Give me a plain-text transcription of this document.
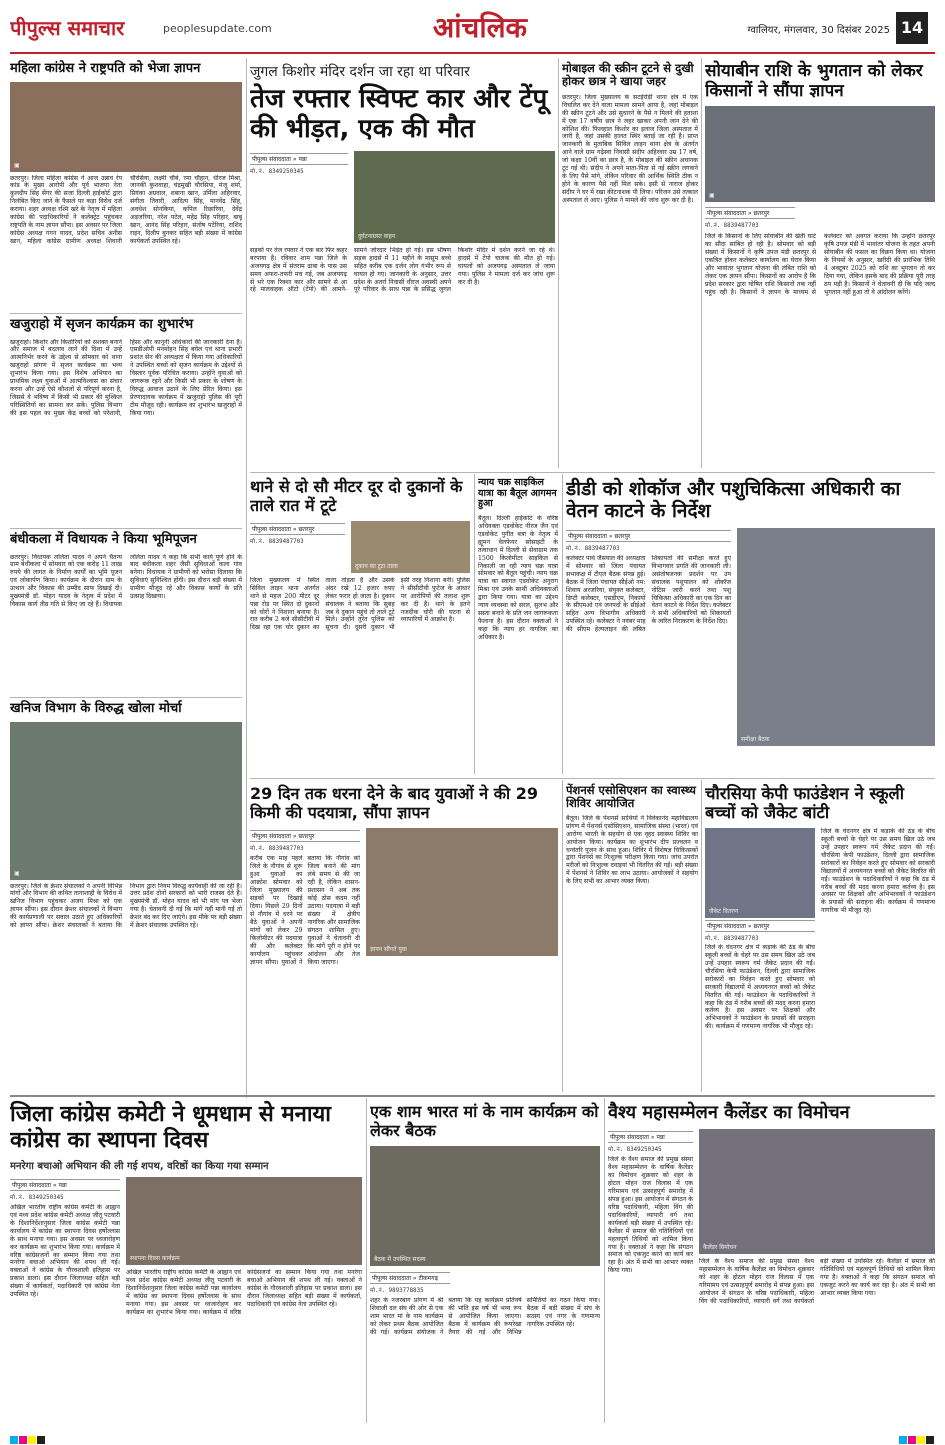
पीपुल्स समाचार	peoplesupdate.com	आंचलिक	ग्वालियर, मंगलवार, 30 दिसंबर 2025 14
महिला कांग्रेस ने राष्ट्रपति को भेजा ज्ञापन
▣
छतरपुर। जिला महिला कांग्रेस ने आज उन्नाव रेप कांड के मुख्य आरोपी और पूर्व भाजपा नेता कुलदीप सिंह सेंगर की सजा दिल्ली हाईकोर्ट द्वारा निलंबित किए जाने के फैसले पर कड़ा विरोध दर्ज कराया। शहर अध्यक्ष रश्मि खरे के नेतृत्व में महिला कांग्रेस की पदाधिकारियों ने कलेक्ट्रेट पहुंचकर राष्ट्रपति के नाम ज्ञापन सौंपा। इस अवसर पर जिला कांग्रेस अध्यक्ष गगन यादव, प्रदेश सचिव अनीस खान, महिला कांग्रेस ग्रामीण अध्यक्ष शिवानी चौरसिया, लक्ष्मी चौबे, रमा चौहान, धीरज मिश्रा, जानकी कुशवाहा, चंद्रमुखी चौरसिया, मंजू शर्मा, प्रियंका अग्रवाल, शबाना खान, उर्मिला अहिरवार, संगीता तिवारी, आदित्य सिंह, मानवेंद्र सिंह, अवधेश सोनकिया, कपिल रिछारिया, देवेंद्र अड़जरिया, नरेश पटेल, महेंद्र सिंह परिहार, बाबू खान, आनंद सिंह परिहार, संतोष पटेरिया, राशिद राइन, दिलीप बुनकर सहित बड़ी संख्या में कांग्रेस कार्यकर्ता उपस्थित रहे।
खजुराहो में सृजन कार्यक्रम का शुभारंभ
खजुराहो। किशोर और किशोरियों को सशक्त बनाने और समाज में बदलाव लाने की दिशा में उन्हें आत्मनिर्भर करने के उद्देश्य से सोमवार को थाना खजुराहो प्रांगण में सृजन कार्यक्रम का भव्य शुभारंभ किया गया। इस विशेष अभियान का प्राथमिक लक्ष्य युवाओं में आत्मविश्वास का संचार करना और उन्हें ऐसे कौशलों से परिपूर्ण करना है, जिससे वे भविष्य में किसी भी प्रकार की मुश्किल परिस्थितियों का सामना कर सकें। पुलिस विभाग की इस पहल का मुख्य केंद्र बच्चों को परेशानी, हिंसा और कानूनी अधिकारों की जानकारी देना है। एसडीओपी मनमोहन सिंह बघेल एवं थाना प्रभारी प्रशांत सेन की अध्यक्षता में किया गया अधिकारियों ने उपस्थित बच्चों को सृजन कार्यक्रम के उद्देश्यों से विस्तार पूर्वक परिचित कराया। उन्होंने युवाओं को जागरूक रहने और किसी भी प्रकार के शोषण के विरुद्ध आवाज उठाने के लिए प्रेरित किया। इस प्रेरणादायक कार्यक्रम में खजुराहो पुलिस की पूरी टीम मौजूद रही। कार्यक्रम का शुभारंभ खजुराहो में किया गया।
बंधीकला में विधायक ने किया भूमिपूजन
छतरपुर। विधायक ललिता यादव ने अपने चैतन्य ग्राम बंधीकला में सोमवार को एक करोड़ 11 लाख रुपये की लागत के निर्माण कार्यों का भूमि पूजन एवं लोकार्पण किया। कार्यक्रम के दौरान ग्राम के उत्थान और विकास की उम्मीद साफ दिखाई दी। मुख्यमंत्री डॉ. मोहन यादव के नेतृत्व में प्रदेश में विकास कार्य तीव्र गति से किए जा रहे हैं। विधायक ललिता यादव ने कहा कि सभी कार्य पूर्ण होने के बाद बंधीकला शहर जैसी सुविधाओं वाला गांव बनेगा। विधायक ने ग्रामीणों को भरोसा दिलाया कि सुविधाएं सुनिश्चित होंगी। इस दौरान बड़ी संख्या में ग्रामीण मौजूद रहे और विकास कार्यों के प्रति उत्साह दिखाया।
खनिज विभाग के विरुद्ध खोला मोर्चा
▣
छतरपुर। जिले के क्रेशर संचालकों ने अपनी विभिन्न मांगों और विभाग की कथित तानाशाही के विरोध में खनिज विभाग पहुंचकर अजय मिश्रा को एक ज्ञापन सौंपा। इस दौरान क्रेशर संचालकों ने विभाग की कार्यप्रणाली पर सवाल उठाते हुए अधिकारियों को ज्ञापन सौंपा। क्रेशर संचालकों ने बताया कि विभाग द्वारा नियम विरुद्ध कार्यवाही की जा रही है। उत्तर प्रदेश दोनों सरकारों को भारी राजस्व देते हैं। मुख्यमंत्री डॉ. मोहन यादव को भी मांग पत्र भेजा गया है। चेतावनी दी गई कि मांगें नहीं मानी गईं तो क्रेशर बंद कर दिए जाएंगे। इस मौके पर बड़ी संख्या में क्रेशर संचालक उपस्थित रहे।
जुगल किशोर मंदिर दर्शन जा रहा था परिवार
तेज रफ्तार स्विफ्ट कार और टेंपू की भीड़त, एक की मौत
पीपुल्स संवाददाता » पन्ना
मो.नं. 8349250345
दुर्घटनाग्रस्त वाहन
सड़कों पर तेज रफ्तार ने एक बार फिर कहर बरपाया है। रविवार शाम पन्ना जिले के अजयगढ़ क्षेत्र में संतराम ढाबा के पास उस समय अफरा-तफरी मच गई, जब अजयगढ़ से भरे एक रिक्शा कार और सामने से आ रहे मालवाहक ऑटो (टेंपो) की आमने-सामने जोरदार भिड़ंत हो गई। इस भीषण सड़क हादसे में 11 महीने के मासूम बच्चे सहित करीब एक दर्जन लोग गंभीर रूप से घायल हो गए। जानकारी के अनुसार, उत्तर प्रदेश के अतर्रा निवासी धीरज अवस्थी अपने पूरे परिवार के साथ पन्ना के प्रसिद्ध जुगल किशोर मंदिर में दर्शन करने जा रहे थे। हादसे में टेंपो चालक की मौत हो गई। घायलों को अजयगढ़ अस्पताल ले जाया गया। पुलिस ने मामला दर्ज कर जांच शुरू कर दी है।
मोबाइल की स्क्रीन टूटने से दुखी होकर छात्र ने खाया जहर
छतरपुर। जिला मुख्यालय के सटईरोड़ी थाना क्षेत्र में एक विचलित कर देने वाला मामला सामने आया है, जहां मोबाइल की स्क्रीन टूटने और उसे सुधारने के पैसे न मिलने की हताशा में एक 17 वर्षीय छात्र ने जहर खाकर अपनी जान देने की कोशिश की। फिलहाल किशोर का इलाज जिला अस्पताल में जारी है, जहां उसकी हालत स्थिर बताई जा रही है। प्राप्त जानकारी के मुताबिक सिविल लाइन थाना क्षेत्र के अंतर्गत आने वाले ग्राम गढ़ेस्वा निवासी संदीप अहिरवार उम्र 17 वर्ष, जो कक्षा 10वीं का छात्र है, के मोबाइल की स्क्रीन अचानक टूट गई थी। संदीप ने अपने माता-पिता से नई स्क्रीन लगवाने के लिए पैसे मांगे, लेकिन परिवार की आर्थिक स्थिति ठीक न होने के कारण पैसे नहीं मिल सके। इसी से नाराज होकर संदीप ने घर में रखा कीटनाशक पी लिया। परिजन उसे तत्काल अस्पताल ले आए। पुलिस ने मामले की जांच शुरू कर दी है।
सोयाबीन राशि के भुगतान को लेकर किसानों ने सौंपा ज्ञापन
▣
पीपुल्स संवाददाता » छतरपुर
मो.नं. 8839487703
जिले के किसानों के लिए सोयाबीन की खेती घाटे का सौदा साबित हो रही है। सोमवार को बड़ी संख्या में किसानों ने कृषि उपज मंडी छतरपुर से एकत्रित होकर कलेक्टर कार्यालय का घेराव किया और भावांतर भुगतान योजना की लंबित राशि को लेकर एक ज्ञापन सौंपा। किसानों का आरोप है कि प्रदेश सरकार द्वारा घोषित राशि किसानों तक नहीं पहुंच रही है। किसानों ने ज्ञापन के माध्यम से कलेक्टर को अवगत कराया कि उन्होंने छतरपुर कृषि उपज मंडी में भावांतर योजना के तहत अपनी सोयाबीन की फसल का विक्रय किया था। योजना के नियमों के अनुसार, खरीदी की प्रारंभिक तिथि 4 अक्टूबर 2025 को राशि का भुगतान तो कर दिया गया, लेकिन इसके बाद की प्रक्रिया पूरी तरह ठप पड़ी है। किसानों ने चेतावनी दी कि यदि जल्द भुगतान नहीं हुआ तो वे आंदोलन करेंगे।
थाने से दो सौ मीटर दूर दो दुकानों के ताले रात में टूटे
पीपुल्स संवाददाता » छतरपुर
मो.नं. 8839487703
दुकान का टूटा ताला
जिला मुख्यालय में स्थित सिविल लाइन थाना अंतर्गत थाने से महज 200 मीटर दूर पन्ना रोड पर स्थित दो दुकानों को चोरों ने निशाना बनाया है। रात करीब 2 बजे सीसीटीवी में दिख रहा एक चोर दुकान का ताला तोड़ता है और उसके अंदर रखे 12 हजार रुपए लेकर फरार हो जाता है। दुकान संचालक ने बताया कि सुबह जब वे दुकान पहुंचे तो ताले टूटे मिले। उन्होंने तुरंत पुलिस को सूचना दी। दूसरी दुकान भी इसी तरह निशाना बनी। पुलिस ने सीसीटीवी फुटेज के आधार पर आरोपियों की तलाश शुरू कर दी है। थाने के इतने नजदीक चोरी की घटना से व्यापारियों में आक्रोश है।
न्याय चक्र साइकिल यात्रा का बैतूल आगमन हुआ
बैतूल। दिल्ली हाईकोर्ट के वरिष्ठ अधिवक्ता एडवोकेट नीरज जैन एवं एडवोकेट पुनीत बत्रा के नेतृत्व में ह्यूमन वेलफेयर सोसाइटी के तत्वाधान में दिल्ली से सेवाग्राम तक 1500 किलोमीटर साइकिल से निकाली जा रही न्याय चक्र यात्रा सोमवार को बैतूल पहुंची। न्याय चक्र यात्रा का स्वागत एडवोकेट अनुराग मिश्रा एवं उनके साथी अधिवक्ताओं द्वारा किया गया। यात्रा का उद्देश्य न्याय व्यवस्था को सरल, सुलभ और सस्ता बनाने के प्रति जन जागरूकता फैलाना है। इस दौरान वक्ताओं ने कहा कि न्याय हर नागरिक का अधिकार है।
डीडी को शोकॉज और पशुचिकित्सा अधिकारी का वेतन काटने के निर्देश
पीपुल्स संवाददाता » छतरपुर
मो.नं. 8839487703
कलेक्टर पार्थ जैसवाल की अध्यक्षता में सोमवार को जिला पंचायत सभाकक्ष में टीएल बैठक संपन्न हुई। बैठक में जिला पंचायत सीईओ नम: शिवाय अरजरिया, संयुक्त कलेक्टर, डिप्टी कलेक्टर, एसडीएम, निकायों के सीएमओ एवं जनपदों के सीईओ सहित अन्य विभागीय अधिकारी उपस्थित रहे। कलेक्टर ने नवंबर माह की सीएम हेल्पलाइन की लंबित शिकायतों की समीक्षा करते हुए विभागवार प्रगति की जानकारी ली। असंतोषजनक प्रदर्शन पर उप संचालक पशुपालन को शोकॉज नोटिस जारी करने तथा पशु चिकित्सा अधिकारी का एक दिन का वेतन काटने के निर्देश दिए। कलेक्टर ने सभी अधिकारियों को शिकायतों के त्वरित निराकरण के निर्देश दिए।
समीक्षा बैठक
29 दिन तक धरना देने के बाद युवाओं ने की 29 किमी की पदयात्रा, सौंपा ज्ञापन
पीपुल्स संवाददाता » छतरपुर
मो.नं. 8839487703
करीब एक माह पहले जिले के नौगांव से शुरू हुआ युवाओं का आक्रोश सोमवार को जिला मुख्यालय की सड़कों पर दिखाई दिया। पिछले 29 दिनों से नौगांव में धरने पर बैठे युवाओं ने अपनी मांगों को लेकर 29 किलोमीटर की पदयात्रा की और कलेक्टर कार्यालय पहुंचकर ज्ञापन सौंपा। युवाओं ने बताया कि नौगांव को जिला बनाने की मांग लंबे समय से की जा रही है, लेकिन शासन-प्रशासन ने अब तक कोई ठोस कदम नहीं उठाया। पदयात्रा में बड़ी संख्या में क्षेत्रीय नागरिक और सामाजिक संगठन शामिल हुए। युवाओं ने चेतावनी दी कि मांगें पूरी न होने पर आंदोलन और तेज किया जाएगा।
ज्ञापन सौंपते युवा
पेंशनर्स एसोसिएशन का स्वास्थ्य शिविर आयोजित
बैतूल। जिले के पेंशनर्स साथियों ने विवेकानंद महाविद्यालय प्रांगण में पेंशनर्स एसोसिएशन, सामाजिक संस्था (भारत) एवं आरोग्य भारती के सहयोग से एक वृहद स्वास्थ्य शिविर का आयोजन किया। कार्यक्रम का शुभारंभ दीप प्रज्वलन व धन्वंतरि पूजन के साथ हुआ। शिविर में विशेषज्ञ चिकित्सकों द्वारा पेंशनर्स का निःशुल्क परीक्षण किया गया। जांच उपरांत मरीजों को निःशुल्क दवाइयां भी वितरित की गईं। बड़ी संख्या में पेंशनर्स ने शिविर का लाभ उठाया। आयोजकों ने सहयोग के लिए सभी का आभार व्यक्त किया।
चौरसिया केपी फाउंडेशन ने स्कूली बच्चों को जैकेट बांटी
जैकेट वितरण
पीपुल्स संवाददाता » छतरपुर
मो.नं. 8839487703
जिले के चंदनगर क्षेत्र में कड़ाके की ठंड के बीच स्कूली बच्चों के चेहरे पर उस समय खिल उठे जब उन्हें उपहार स्वरूप गर्म जैकेट प्रदान की गईं। चौरसिया केपी फाउंडेशन, दिल्ली द्वारा सामाजिक सरोकारों का निर्वहन करते हुए सोमवार को सरकारी विद्यालयों में अध्ययनरत बच्चों को जैकेट वितरित की गईं। फाउंडेशन के पदाधिकारियों ने कहा कि ठंड में गरीब बच्चों की मदद करना हमारा कर्तव्य है। इस अवसर पर शिक्षकों और अभिभावकों ने फाउंडेशन के प्रयासों की सराहना की। कार्यक्रम में गणमान्य नागरिक भी मौजूद रहे।
जिले के चंदनगर क्षेत्र में कड़ाके की ठंड के बीच स्कूली बच्चों के चेहरे पर उस समय खिल उठे जब उन्हें उपहार स्वरूप गर्म जैकेट प्रदान की गईं। चौरसिया केपी फाउंडेशन, दिल्ली द्वारा सामाजिक सरोकारों का निर्वहन करते हुए सोमवार को सरकारी विद्यालयों में अध्ययनरत बच्चों को जैकेट वितरित की गईं। फाउंडेशन के पदाधिकारियों ने कहा कि ठंड में गरीब बच्चों की मदद करना हमारा कर्तव्य है। इस अवसर पर शिक्षकों और अभिभावकों ने फाउंडेशन के प्रयासों की सराहना की। कार्यक्रम में गणमान्य नागरिक भी मौजूद रहे।
जिला कांग्रेस कमेटी ने धूमधाम से मनाया कांग्रेस का स्थापना दिवस
मनरेगा बचाओ अभियान की ली गई शपथ, वरिष्ठों का किया गया सम्मान
पीपुल्स संवाददाता » पन्ना
मो.नं. 8349250345
अखिल भारतीय राष्ट्रीय कांग्रेस कमेटी के आह्वान एवं मध्य प्रदेश कांग्रेस कमेटी अध्यक्ष जीतू पटवारी के दिशानिर्देशानुसार जिला कांग्रेस कमेटी पन्ना कार्यालय में कांग्रेस का स्थापना दिवस हर्षोल्लास के साथ मनाया गया। इस अवसर पर ध्वजारोहण कर कार्यक्रम का शुभारंभ किया गया। कार्यक्रम में वरिष्ठ कांग्रेसजनों का सम्मान किया गया तथा मनरेगा बचाओ अभियान की शपथ ली गई। वक्ताओं ने कांग्रेस के गौरवशाली इतिहास पर प्रकाश डाला। इस दौरान जिलाध्यक्ष सहित बड़ी संख्या में कार्यकर्ता, पदाधिकारी एवं कांग्रेस नेता उपस्थित रहे।
स्थापना दिवस कार्यक्रम
अखिल भारतीय राष्ट्रीय कांग्रेस कमेटी के आह्वान एवं मध्य प्रदेश कांग्रेस कमेटी अध्यक्ष जीतू पटवारी के दिशानिर्देशानुसार जिला कांग्रेस कमेटी पन्ना कार्यालय में कांग्रेस का स्थापना दिवस हर्षोल्लास के साथ मनाया गया। इस अवसर पर ध्वजारोहण कर कार्यक्रम का शुभारंभ किया गया। कार्यक्रम में वरिष्ठ कांग्रेसजनों का सम्मान किया गया तथा मनरेगा बचाओ अभियान की शपथ ली गई। वक्ताओं ने कांग्रेस के गौरवशाली इतिहास पर प्रकाश डाला। इस दौरान जिलाध्यक्ष सहित बड़ी संख्या में कार्यकर्ता, पदाधिकारी एवं कांग्रेस नेता उपस्थित रहे।
एक शाम भारत मां के नाम कार्यक्रम को लेकर बैठक
बैठक में उपस्थित सदस्य
पीपुल्स संवाददाता » टीकमगढ़
मो.नं. 9893778835
शहर के नजरबाग प्रांगण में श्री शिवाजी दल संघ की ओर से एक शाम भारत मां के नाम कार्यक्रम को लेकर प्रथम बैठक आयोजित की गई। कार्यक्रम संयोजक ने बताया कि यह कार्यक्रम प्रतिवर्ष की भांति इस वर्ष भी भव्य रूप से आयोजित किया जाएगा। बैठक में कार्यक्रम की रूपरेखा तैयार की गई और विभिन्न समितियों का गठन किया गया। बैठक में बड़ी संख्या में संघ के सदस्य एवं नगर के गणमान्य नागरिक उपस्थित रहे।
वैश्य महासम्मेलन कैलेंडर का विमोचन
पीपुल्स संवाददाता » पन्ना
मो.नं. 8349250345
जिले के वैश्य समाज की प्रमुख संस्था वैश्य महासम्मेलन के वार्षिक कैलेंडर का विमोचन शुक्रवार को शहर के होटल मोहन राज विलास में एक गरिमामय एवं उत्साहपूर्ण समारोह में संपन्न हुआ। इस आयोजन में संगठन के वरिष्ठ पदाधिकारी, महिला विंग की पदाधिकारियों, व्यापारी वर्ग तथा कार्यकर्ता बड़ी संख्या में उपस्थित रहे। कैलेंडर में समाज की गतिविधियों एवं महत्वपूर्ण तिथियों को शामिल किया गया है। वक्ताओं ने कहा कि संगठन समाज को एकजुट करने का कार्य कर रहा है। अंत में सभी का आभार व्यक्त किया गया।
कैलेंडर विमोचन
जिले के वैश्य समाज की प्रमुख संस्था वैश्य महासम्मेलन के वार्षिक कैलेंडर का विमोचन शुक्रवार को शहर के होटल मोहन राज विलास में एक गरिमामय एवं उत्साहपूर्ण समारोह में संपन्न हुआ। इस आयोजन में संगठन के वरिष्ठ पदाधिकारी, महिला विंग की पदाधिकारियों, व्यापारी वर्ग तथा कार्यकर्ता बड़ी संख्या में उपस्थित रहे। कैलेंडर में समाज की गतिविधियों एवं महत्वपूर्ण तिथियों को शामिल किया गया है। वक्ताओं ने कहा कि संगठन समाज को एकजुट करने का कार्य कर रहा है। अंत में सभी का आभार व्यक्त किया गया।
